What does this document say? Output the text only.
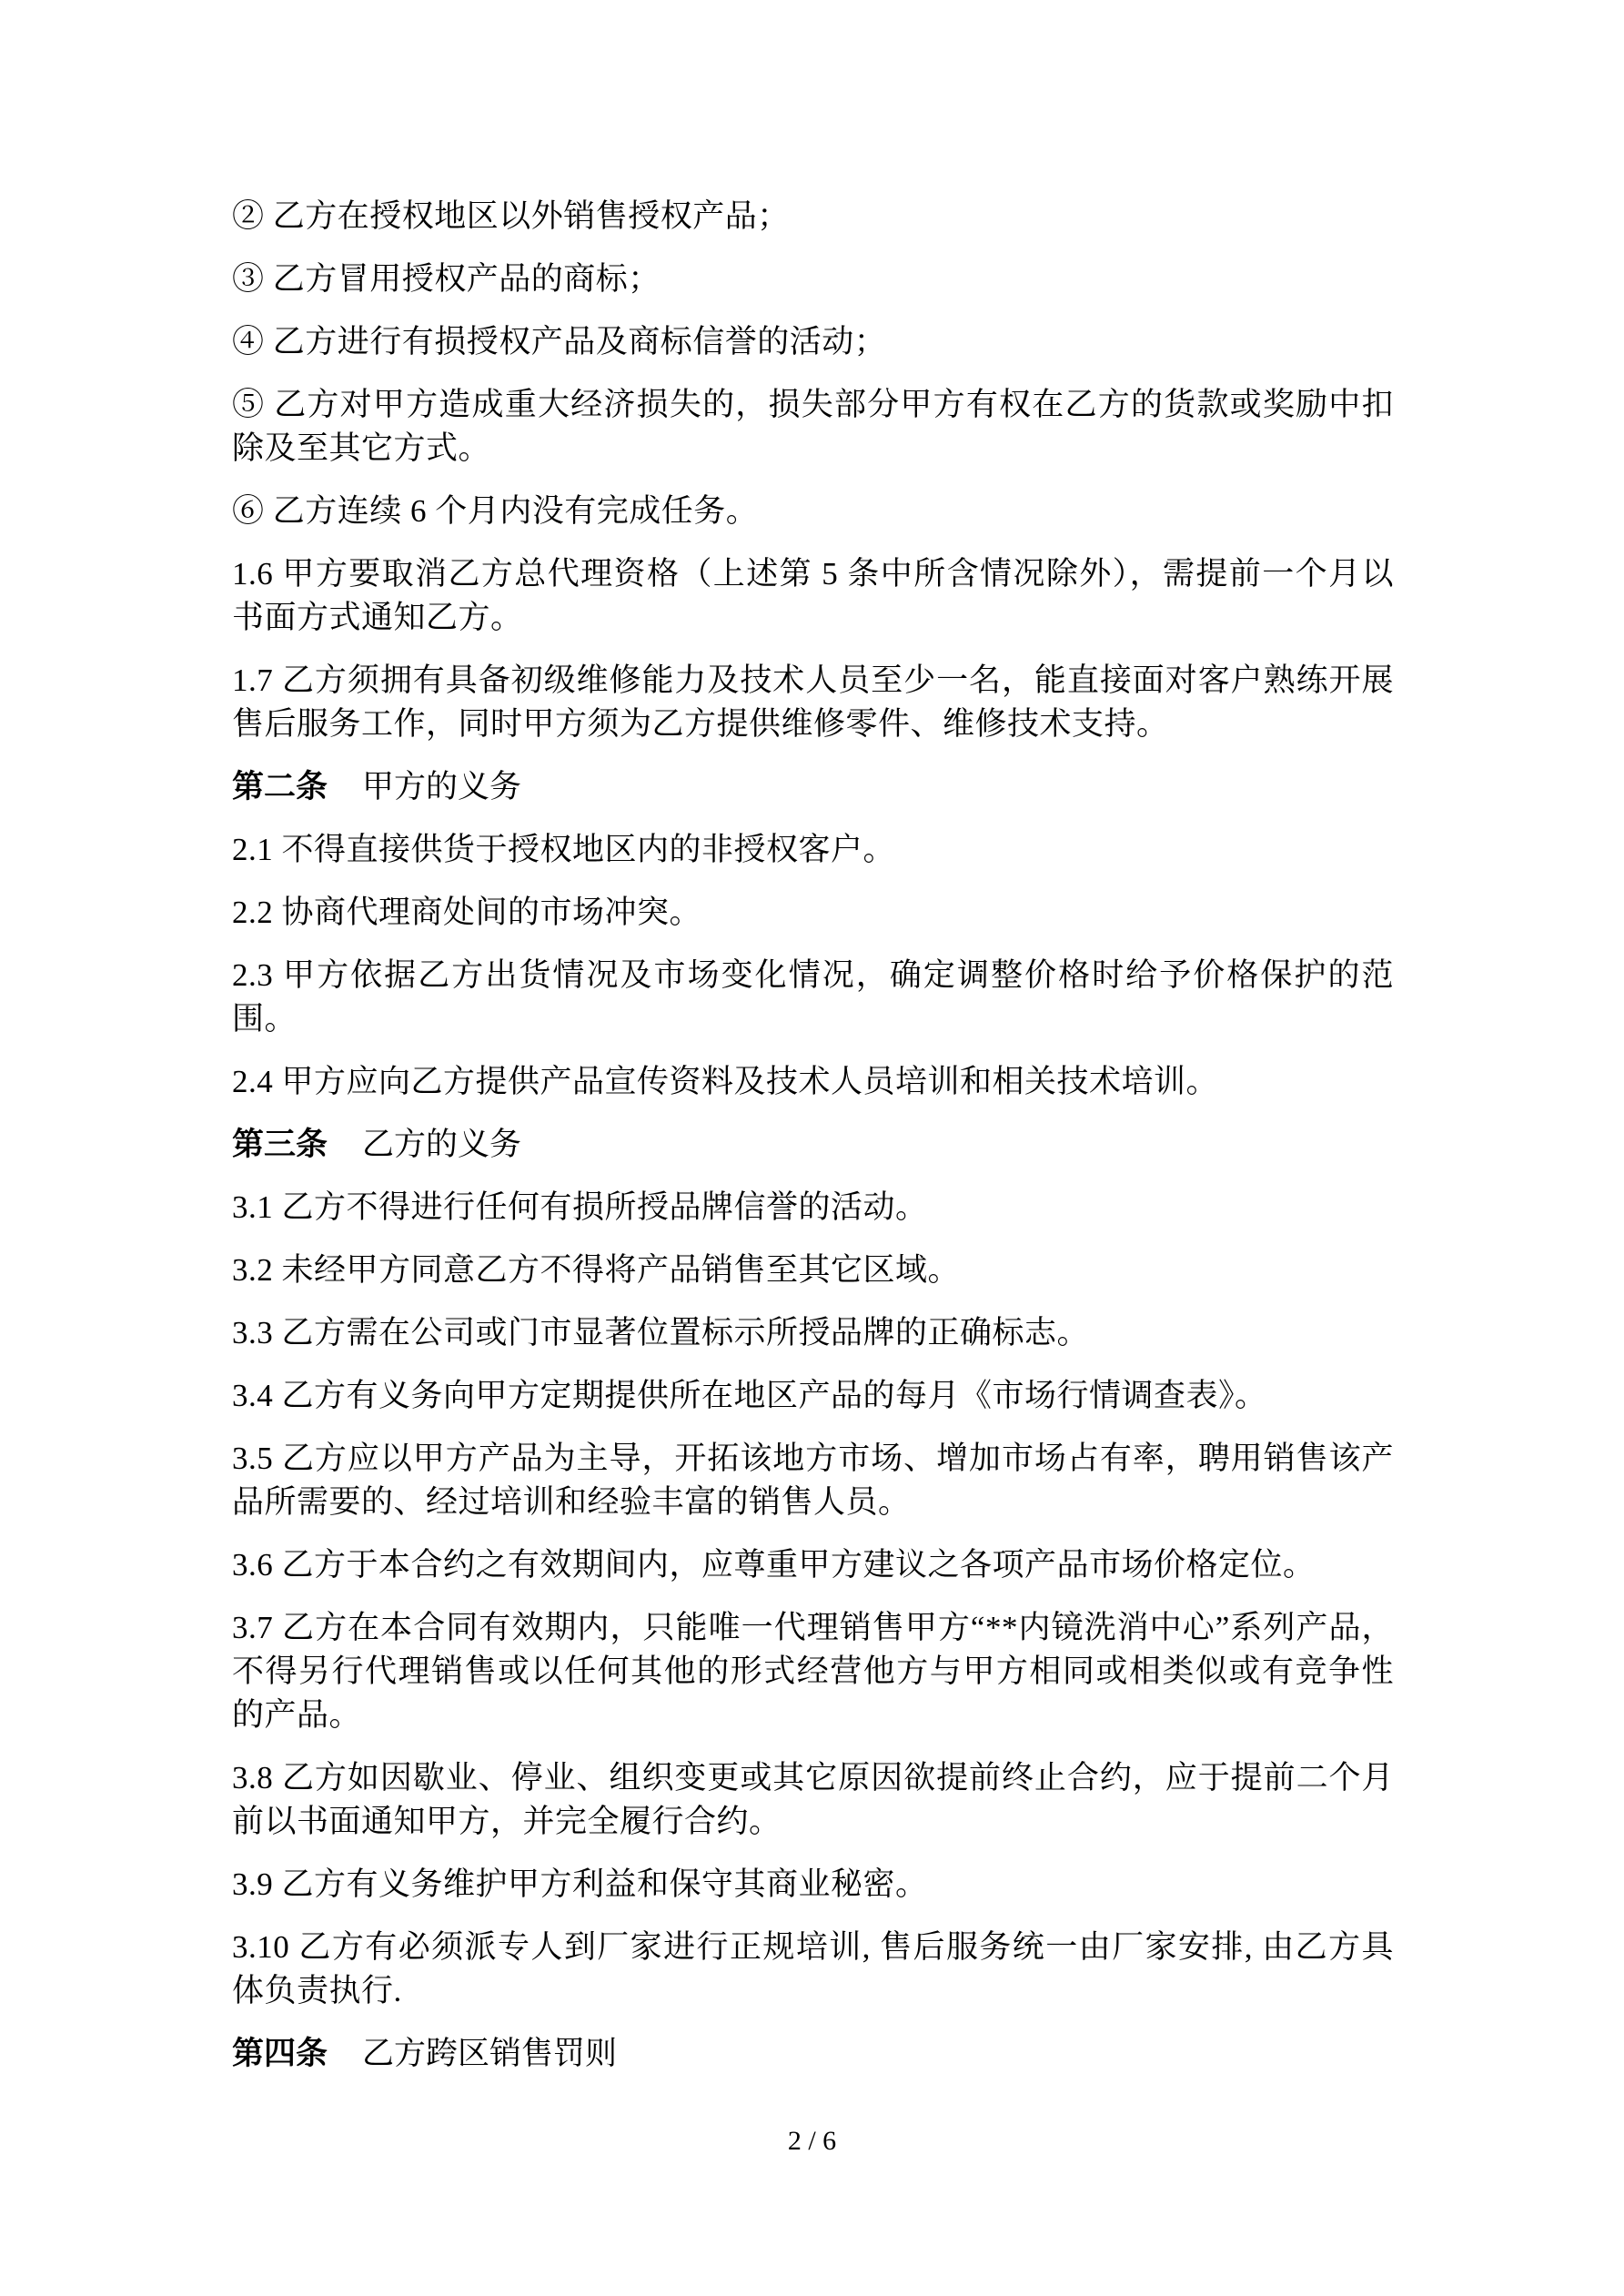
② 乙方在授权地区以外销售授权产品；

③ 乙方冒用授权产品的商标；

④ 乙方进行有损授权产品及商标信誉的活动；

⑤ 乙方对甲方造成重大经济损失的，损失部分甲方有权在乙方的货款或奖励中扣除及至其它方式。

⑥ 乙方连续 6 个月内没有完成任务。

1.6 甲方要取消乙方总代理资格（上述第 5 条中所含情况除外），需提前一个月以书面方式通知乙方。

1.7 乙方须拥有具备初级维修能力及技术人员至少一名，能直接面对客户熟练开展售后服务工作，同时甲方须为乙方提供维修零件、维修技术支持。

第二条 甲方的义务

2.1 不得直接供货于授权地区内的非授权客户。

2.2 协商代理商处间的市场冲突。

2.3 甲方依据乙方出货情况及市场变化情况，确定调整价格时给予价格保护的范围。

2.4 甲方应向乙方提供产品宣传资料及技术人员培训和相关技术培训。

第三条 乙方的义务

3.1 乙方不得进行任何有损所授品牌信誉的活动。

3.2 未经甲方同意乙方不得将产品销售至其它区域。

3.3 乙方需在公司或门市显著位置标示所授品牌的正确标志。

3.4 乙方有义务向甲方定期提供所在地区产品的每月《市场行情调查表》。

3.5 乙方应以甲方产品为主导，开拓该地方市场、增加市场占有率，聘用销售该产品所需要的、经过培训和经验丰富的销售人员。

3.6 乙方于本合约之有效期间内，应尊重甲方建议之各项产品市场价格定位。

3.7 乙方在本合同有效期内，只能唯一代理销售甲方“**内镜洗消中心”系列产品，不得另行代理销售或以任何其他的形式经营他方与甲方相同或相类似或有竞争性的产品。

3.8 乙方如因歇业、停业、组织变更或其它原因欲提前终止合约，应于提前二个月前以书面通知甲方，并完全履行合约。

3.9 乙方有义务维护甲方利益和保守其商业秘密。

3.10 乙方有必须派专人到厂家进行正规培训, 售后服务统一由厂家安排, 由乙方具体负责执行.

第四条 乙方跨区销售罚则

2 / 6
